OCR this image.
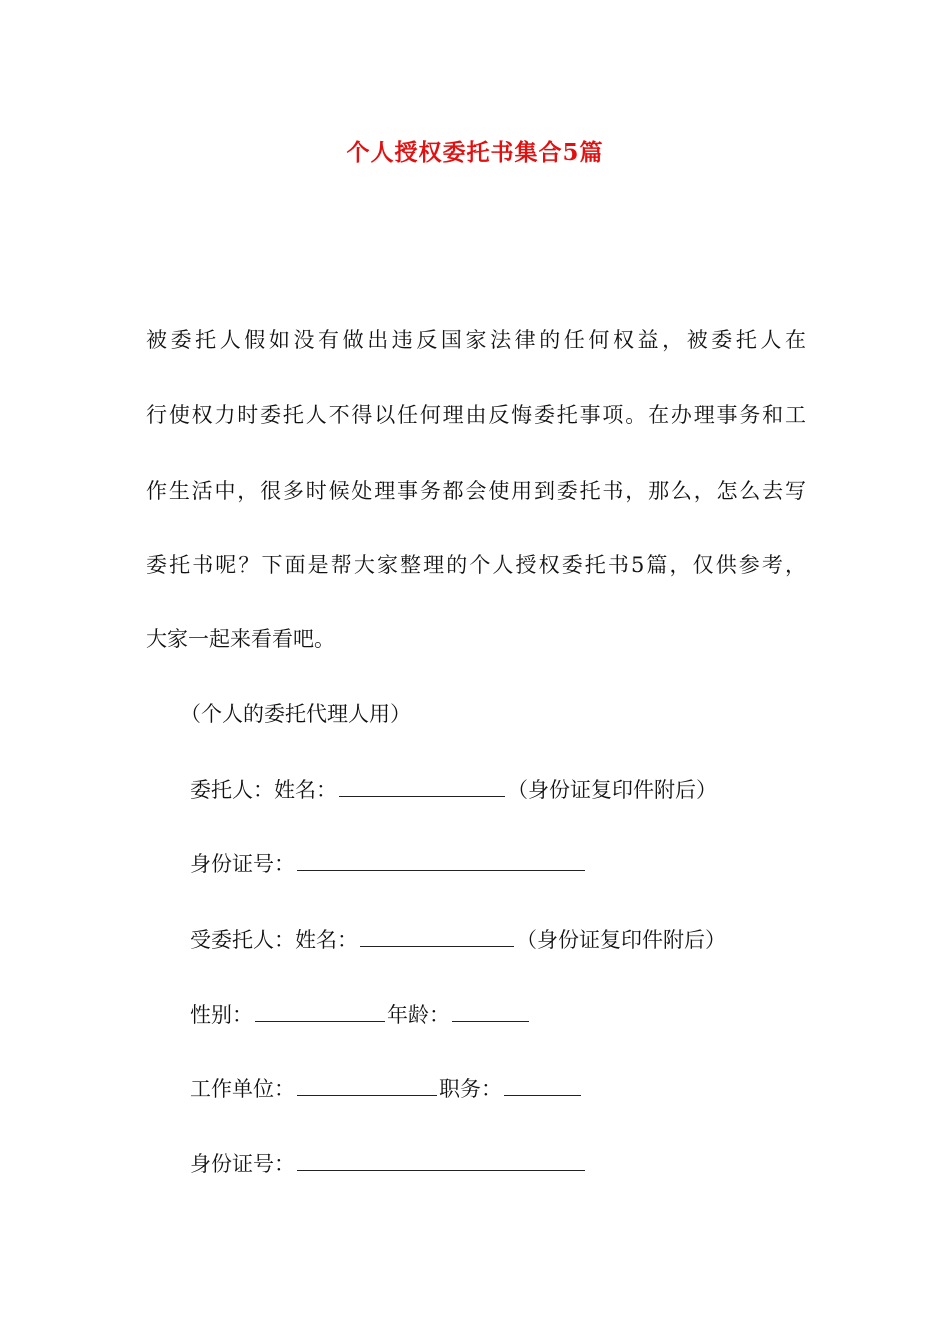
个人授权委托书集合5篇
被委托人假如没有做出违反国家法律的任何权益，被委托人在
行使权力时委托人不得以任何理由反悔委托事项。在办理事务和工
作生活中，很多时候处理事务都会使用到委托书，那么，怎么去写
委托书呢？下面是帮大家整理的个人授权委托书5篇，仅供参考，
大家一起来看看吧。
（个人的委托代理人用）
委托人：姓名：	（身份证复印件附后）
身份证号：
受委托人：姓名：	（身份证复印件附后）
性别：	年龄：
工作单位：	职务：
身份证号：
